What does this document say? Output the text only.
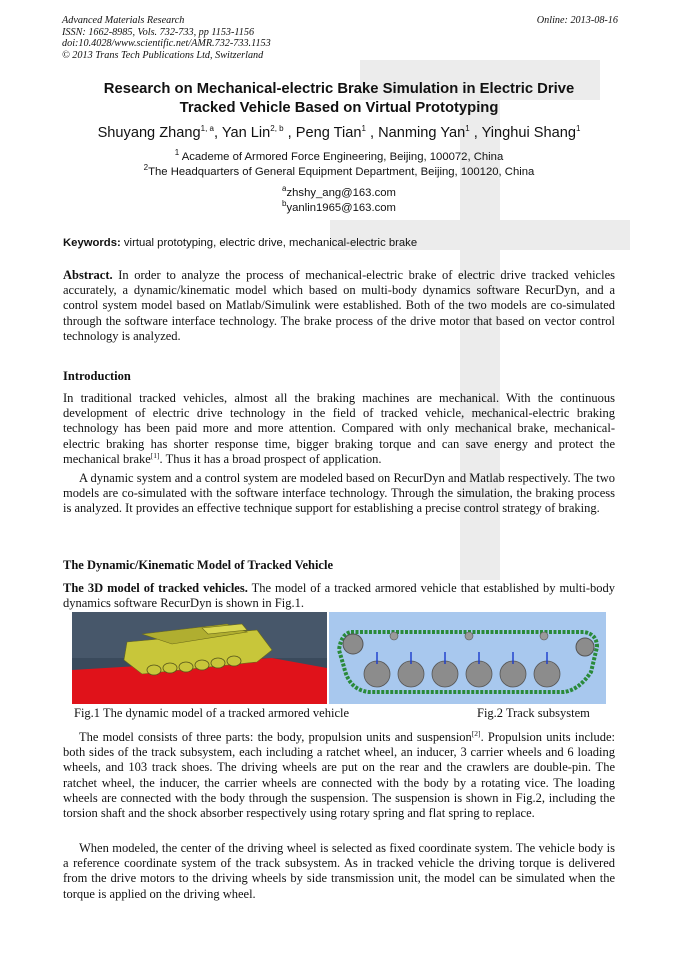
Advanced Materials Research
ISSN: 1662-8985, Vols. 732-733, pp 1153-1156
doi:10.4028/www.scientific.net/AMR.732-733.1153
© 2013 Trans Tech Publications Ltd, Switzerland
Online: 2013-08-16
Research on Mechanical-electric Brake Simulation in Electric Drive
Tracked Vehicle Based on Virtual Prototyping
Shuyang Zhang$^{1, a}$, Yan Lin$^{2, b}$ , Peng Tian$^1$ , Nanming Yan$^1$ , Yinghui Shang$^1$
$^1$ Academe of Armored Force Engineering, Beijing, 100072, China
$^2$The Headquarters of General Equipment Department, Beijing, 100120, China
$^a$zhshy_ang@163.com
$^b$yanlin1965@163.com
Keywords: virtual prototyping, electric drive, mechanical-electric brake
Abstract. In order to analyze the process of mechanical-electric brake of electric drive tracked vehicles accurately, a dynamic/kinematic model which based on multi-body dynamics software RecurDyn, and a control system model based on Matlab/Simulink were established. Both of the two models are co-simulated through the software interface technology. The brake process of the drive motor that based on vector control technology is analyzed.
Introduction
In traditional tracked vehicles, almost all the braking machines are mechanical. With the continuous development of electric drive technology in the field of tracked vehicle, mechanical-electric braking technology has been paid more and more attention. Compared with only mechanical brake, mechanical-electric braking has shorter response time, bigger braking torque and can save energy and protect the mechanical brake[1]. Thus it has a broad prospect of application.
A dynamic system and a control system are modeled based on RecurDyn and Matlab respectively. The two models are co-simulated with the software interface technology. Through the simulation, the braking process is analyzed. It provides an effective technique support for establishing a precise control strategy of braking.
The Dynamic/Kinematic Model of Tracked Vehicle
The 3D model of tracked vehicles. The model of a tracked armored vehicle that established by multi-body dynamics software RecurDyn is shown in Fig.1.
Fig.1 The dynamic model of a tracked armored vehicle	Fig.2 Track subsystem
The model consists of three parts: the body, propulsion units and suspension[2]. Propulsion units include: both sides of the track subsystem, each including a ratchet wheel, an inducer, 3 carrier wheels and 6 loading wheels, and 103 track shoes. The driving wheels are put on the rear and the crawlers are double-pin. The ratchet wheel, the inducer, the carrier wheels are connected with the body by a rotating vice. The loading wheels are connected with the body through the suspension. The suspension is shown in Fig.2, including the torsion shaft and the shock absorber respectively using rotary spring and flat spring to replace.
When modeled, the center of the driving wheel is selected as fixed coordinate system. The vehicle body is a reference coordinate system of the track subsystem. As in tracked vehicle the driving torque is delivered from the drive motors to the driving wheels by side transmission unit, the model can be simulated when the torque is applied on the driving wheel.
